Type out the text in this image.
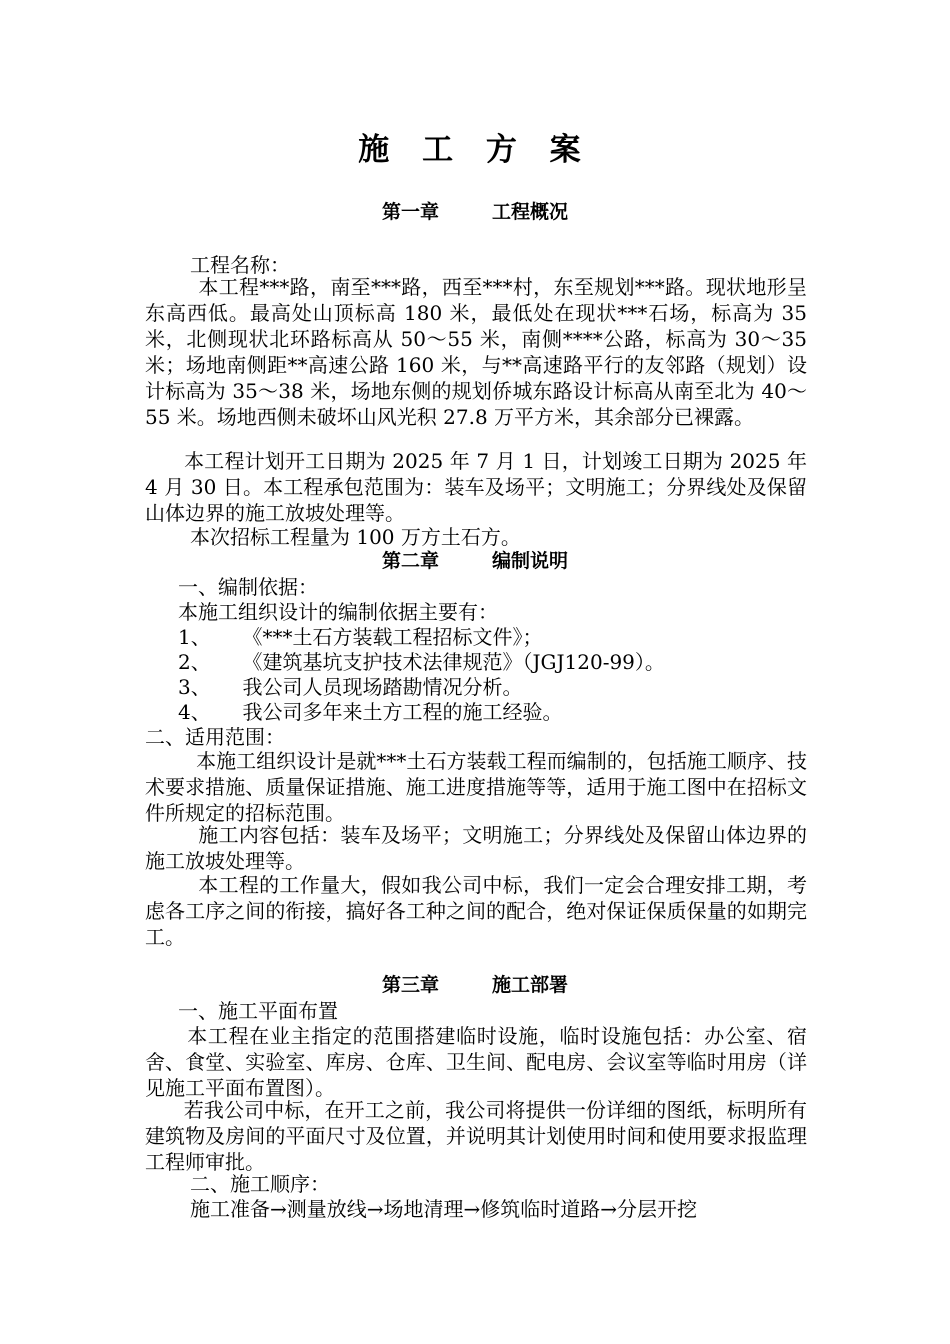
施 工 方 案
第一章        工程概况
工程名称：

本工程***路，南至***路，西至***村，东至规划***路。现状地形呈东高西低。最高处山顶标高 180 米，最低处在现状***石场，标高为 35 米，北侧现状北环路标高从 50～55 米，南侧****公路，标高为 30～35 米；场地南侧距**高速公路 160 米，与**高速路平行的友邻路（规划）设计标高为 35～38 米，场地东侧的规划侨城东路设计标高从南至北为 40～55 米。场地西侧未破坏山风光积 27.8 万平方米，其余部分已裸露。

本工程计划开工日期为 2025 年 7 月 1 日，计划竣工日期为 2025 年 4 月 30 日。本工程承包范围为：装车及场平；文明施工；分界线处及保留山体边界的施工放坡处理等。

本次招标工程量为 100 万方土石方。
第二章        编制说明
一、编制依据：
本施工组织设计的编制依据主要有：
1、     《***土石方装载工程招标文件》；
2、     《建筑基坑支护技术法律规范》（JGJ120-99）。
3、     我公司人员现场踏勘情况分析。
4、     我公司多年来土方工程的施工经验。
二、适用范围：

本施工组织设计是就***土石方装载工程而编制的，包括施工顺序、技术要求措施、质量保证措施、施工进度措施等等，适用于施工图中在招标文件所规定的招标范围。

施工内容包括：装车及场平；文明施工；分界线处及保留山体边界的施工放坡处理等。

本工程的工作量大，假如我公司中标，我们一定会合理安排工期，考虑各工序之间的衔接，搞好各工种之间的配合，绝对保证保质保量的如期完工。

第三章        施工部署
一、施工平面布置

本工程在业主指定的范围搭建临时设施，临时设施包括：办公室、宿舍、食堂、实验室、库房、仓库、卫生间、配电房、会议室等临时用房（详见施工平面布置图）。

若我公司中标，在开工之前，我公司将提供一份详细的图纸，标明所有建筑物及房间的平面尺寸及位置，并说明其计划使用时间和使用要求报监理工程师审批。

二、施工顺序：
施工准备→测量放线→场地清理→修筑临时道路→分层开挖
